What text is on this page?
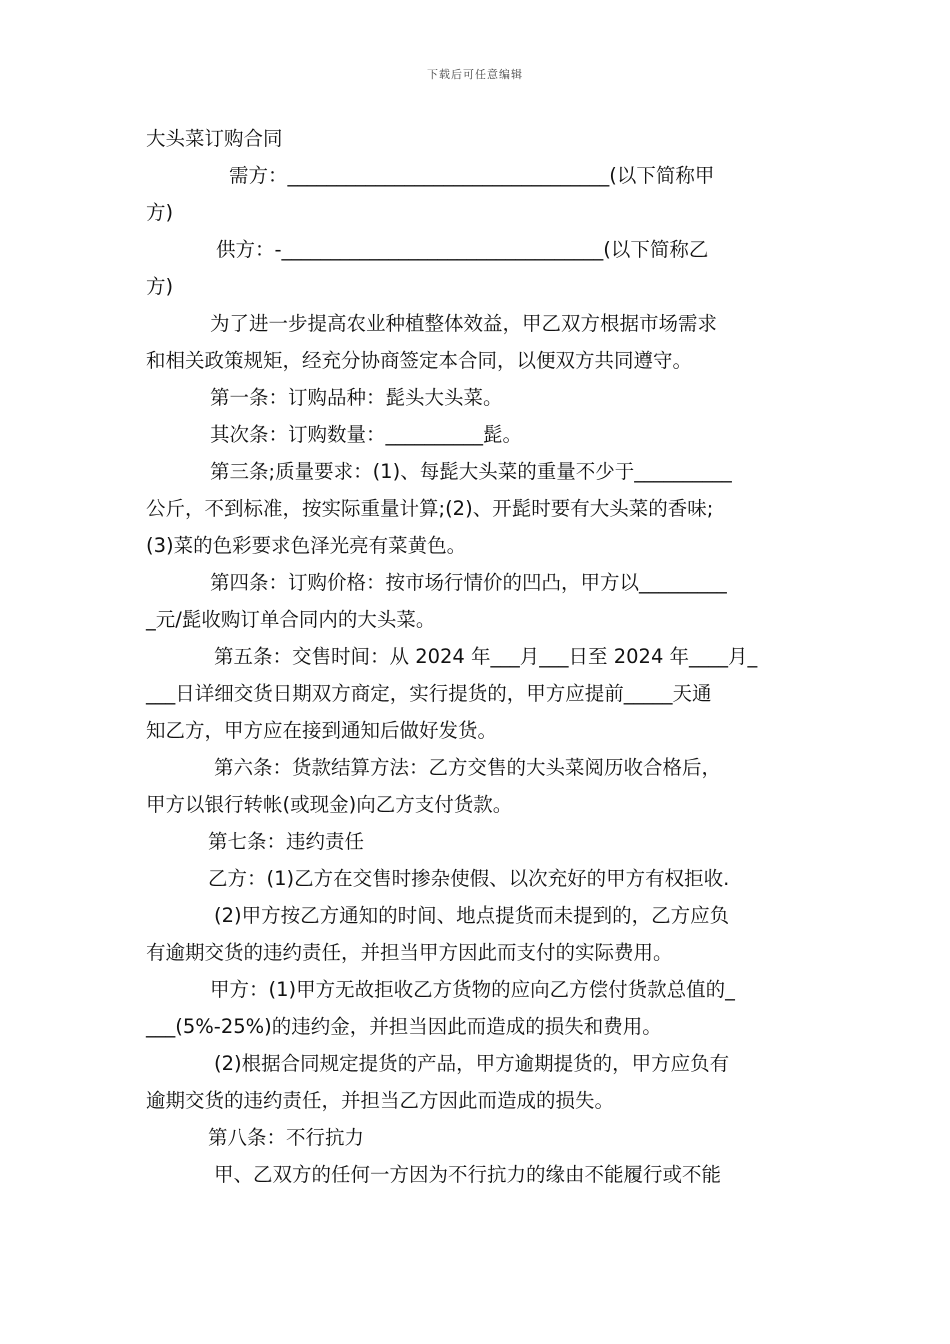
下载后可任意编辑
大头菜订购合同
需方：_________________________________(以下简称甲
方)
供方：-_________________________________(以下简称乙
方)
为了进一步提高农业种植整体效益，甲乙双方根据市场需求
和相关政策规矩，经充分协商签定本合同，以便双方共同遵守。
第一条：订购品种：髭头大头菜。
其次条：订购数量：__________髭。
第三条;质量要求：(1)、每髭大头菜的重量不少于__________
公斤，不到标准，按实际重量计算;(2)、开髭时要有大头菜的香味;
(3)菜的色彩要求色泽光亮有菜黄色。
第四条：订购价格：按市场行情价的凹凸，甲方以_________
_元/髭收购订单合同内的大头菜。
第五条：交售时间：从 2024 年___月___日至 2024 年____月_
___日详细交货日期双方商定，实行提货的，甲方应提前_____天通
知乙方，甲方应在接到通知后做好发货。
第六条：货款结算方法：乙方交售的大头菜阅历收合格后，
甲方以银行转帐(或现金)向乙方支付货款。
第七条：违约责任
乙方：(1)乙方在交售时掺杂使假、以次充好的甲方有权拒收.
(2)甲方按乙方通知的时间、地点提货而未提到的，乙方应负
有逾期交货的违约责任，并担当甲方因此而支付的实际费用。
甲方：(1)甲方无故拒收乙方货物的应向乙方偿付货款总值的_
___(5%-25%)的违约金，并担当因此而造成的损失和费用。
(2)根据合同规定提货的产品，甲方逾期提货的，甲方应负有
逾期交货的违约责任，并担当乙方因此而造成的损失。
第八条：不行抗力
甲、乙双方的任何一方因为不行抗力的缘由不能履行或不能
